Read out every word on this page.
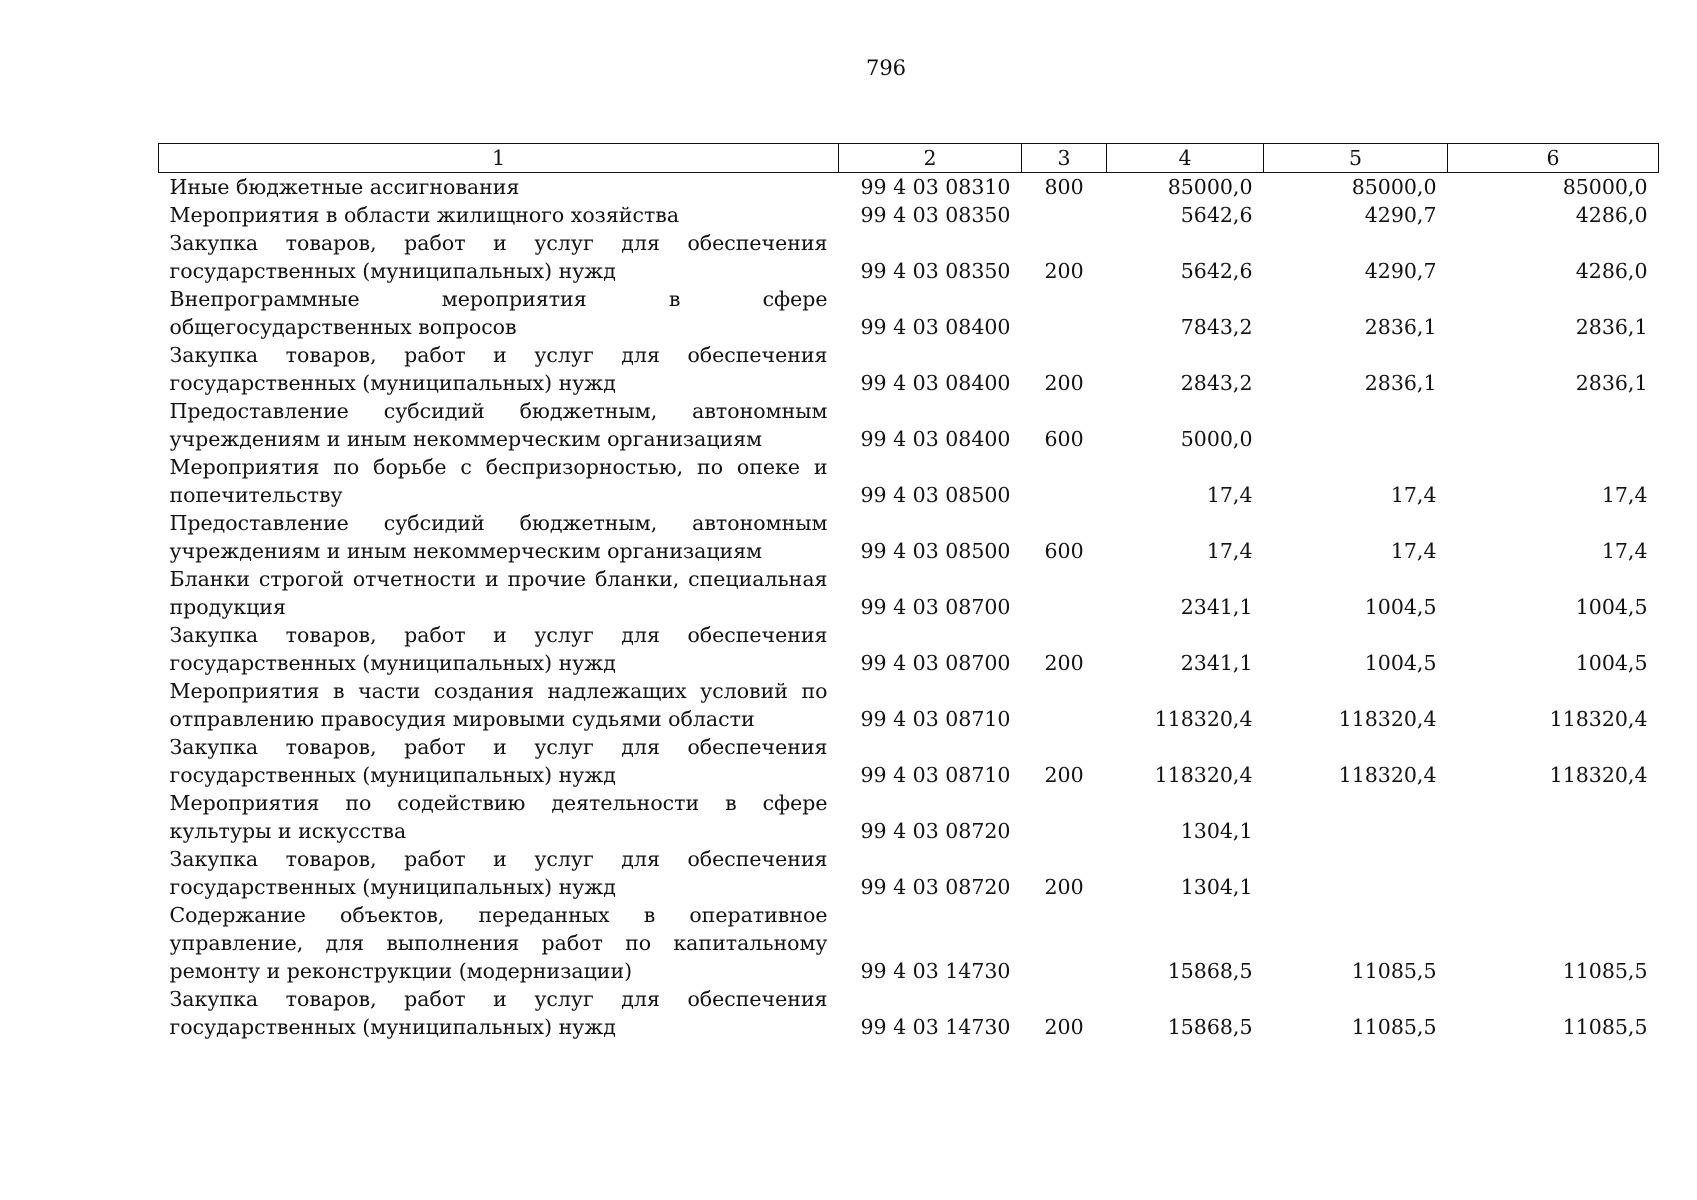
796
1	2	3	4	5	6
Иные бюджетные ассигнования	99 4 03 08310	800	85000,0	85000,0	85000,0
Мероприятия в области жилищного хозяйства	99 4 03 08350		5642,6	4290,7	4286,0
Закупка товаров, работ и услуг для обеспечения государственных (муниципальных) нужд	99 4 03 08350	200	5642,6	4290,7	4286,0
Внепрограммные мероприятия в сфере общегосударственных вопросов	99 4 03 08400		7843,2	2836,1	2836,1
Закупка товаров, работ и услуг для обеспечения государственных (муниципальных) нужд	99 4 03 08400	200	2843,2	2836,1	2836,1
Предоставление субсидий бюджетным, автономным учреждениям и иным некоммерческим организациям	99 4 03 08400	600	5000,0		
Мероприятия по борьбе с беспризорностью, по опеке и попечительству	99 4 03 08500		17,4	17,4	17,4
Предоставление субсидий бюджетным, автономным учреждениям и иным некоммерческим организациям	99 4 03 08500	600	17,4	17,4	17,4
Бланки строгой отчетности и прочие бланки, специальная продукция	99 4 03 08700		2341,1	1004,5	1004,5
Закупка товаров, работ и услуг для обеспечения государственных (муниципальных) нужд	99 4 03 08700	200	2341,1	1004,5	1004,5
Мероприятия в части создания надлежащих условий по отправлению правосудия мировыми судьями области	99 4 03 08710		118320,4	118320,4	118320,4
Закупка товаров, работ и услуг для обеспечения государственных (муниципальных) нужд	99 4 03 08710	200	118320,4	118320,4	118320,4
Мероприятия по содействию деятельности в сфере культуры и искусства	99 4 03 08720		1304,1		
Закупка товаров, работ и услуг для обеспечения государственных (муниципальных) нужд	99 4 03 08720	200	1304,1		
Содержание объектов, переданных в оперативное управление, для выполнения работ по капитальному ремонту и реконструкции (модернизации)	99 4 03 14730		15868,5	11085,5	11085,5
Закупка товаров, работ и услуг для обеспечения государственных (муниципальных) нужд	99 4 03 14730	200	15868,5	11085,5	11085,5
